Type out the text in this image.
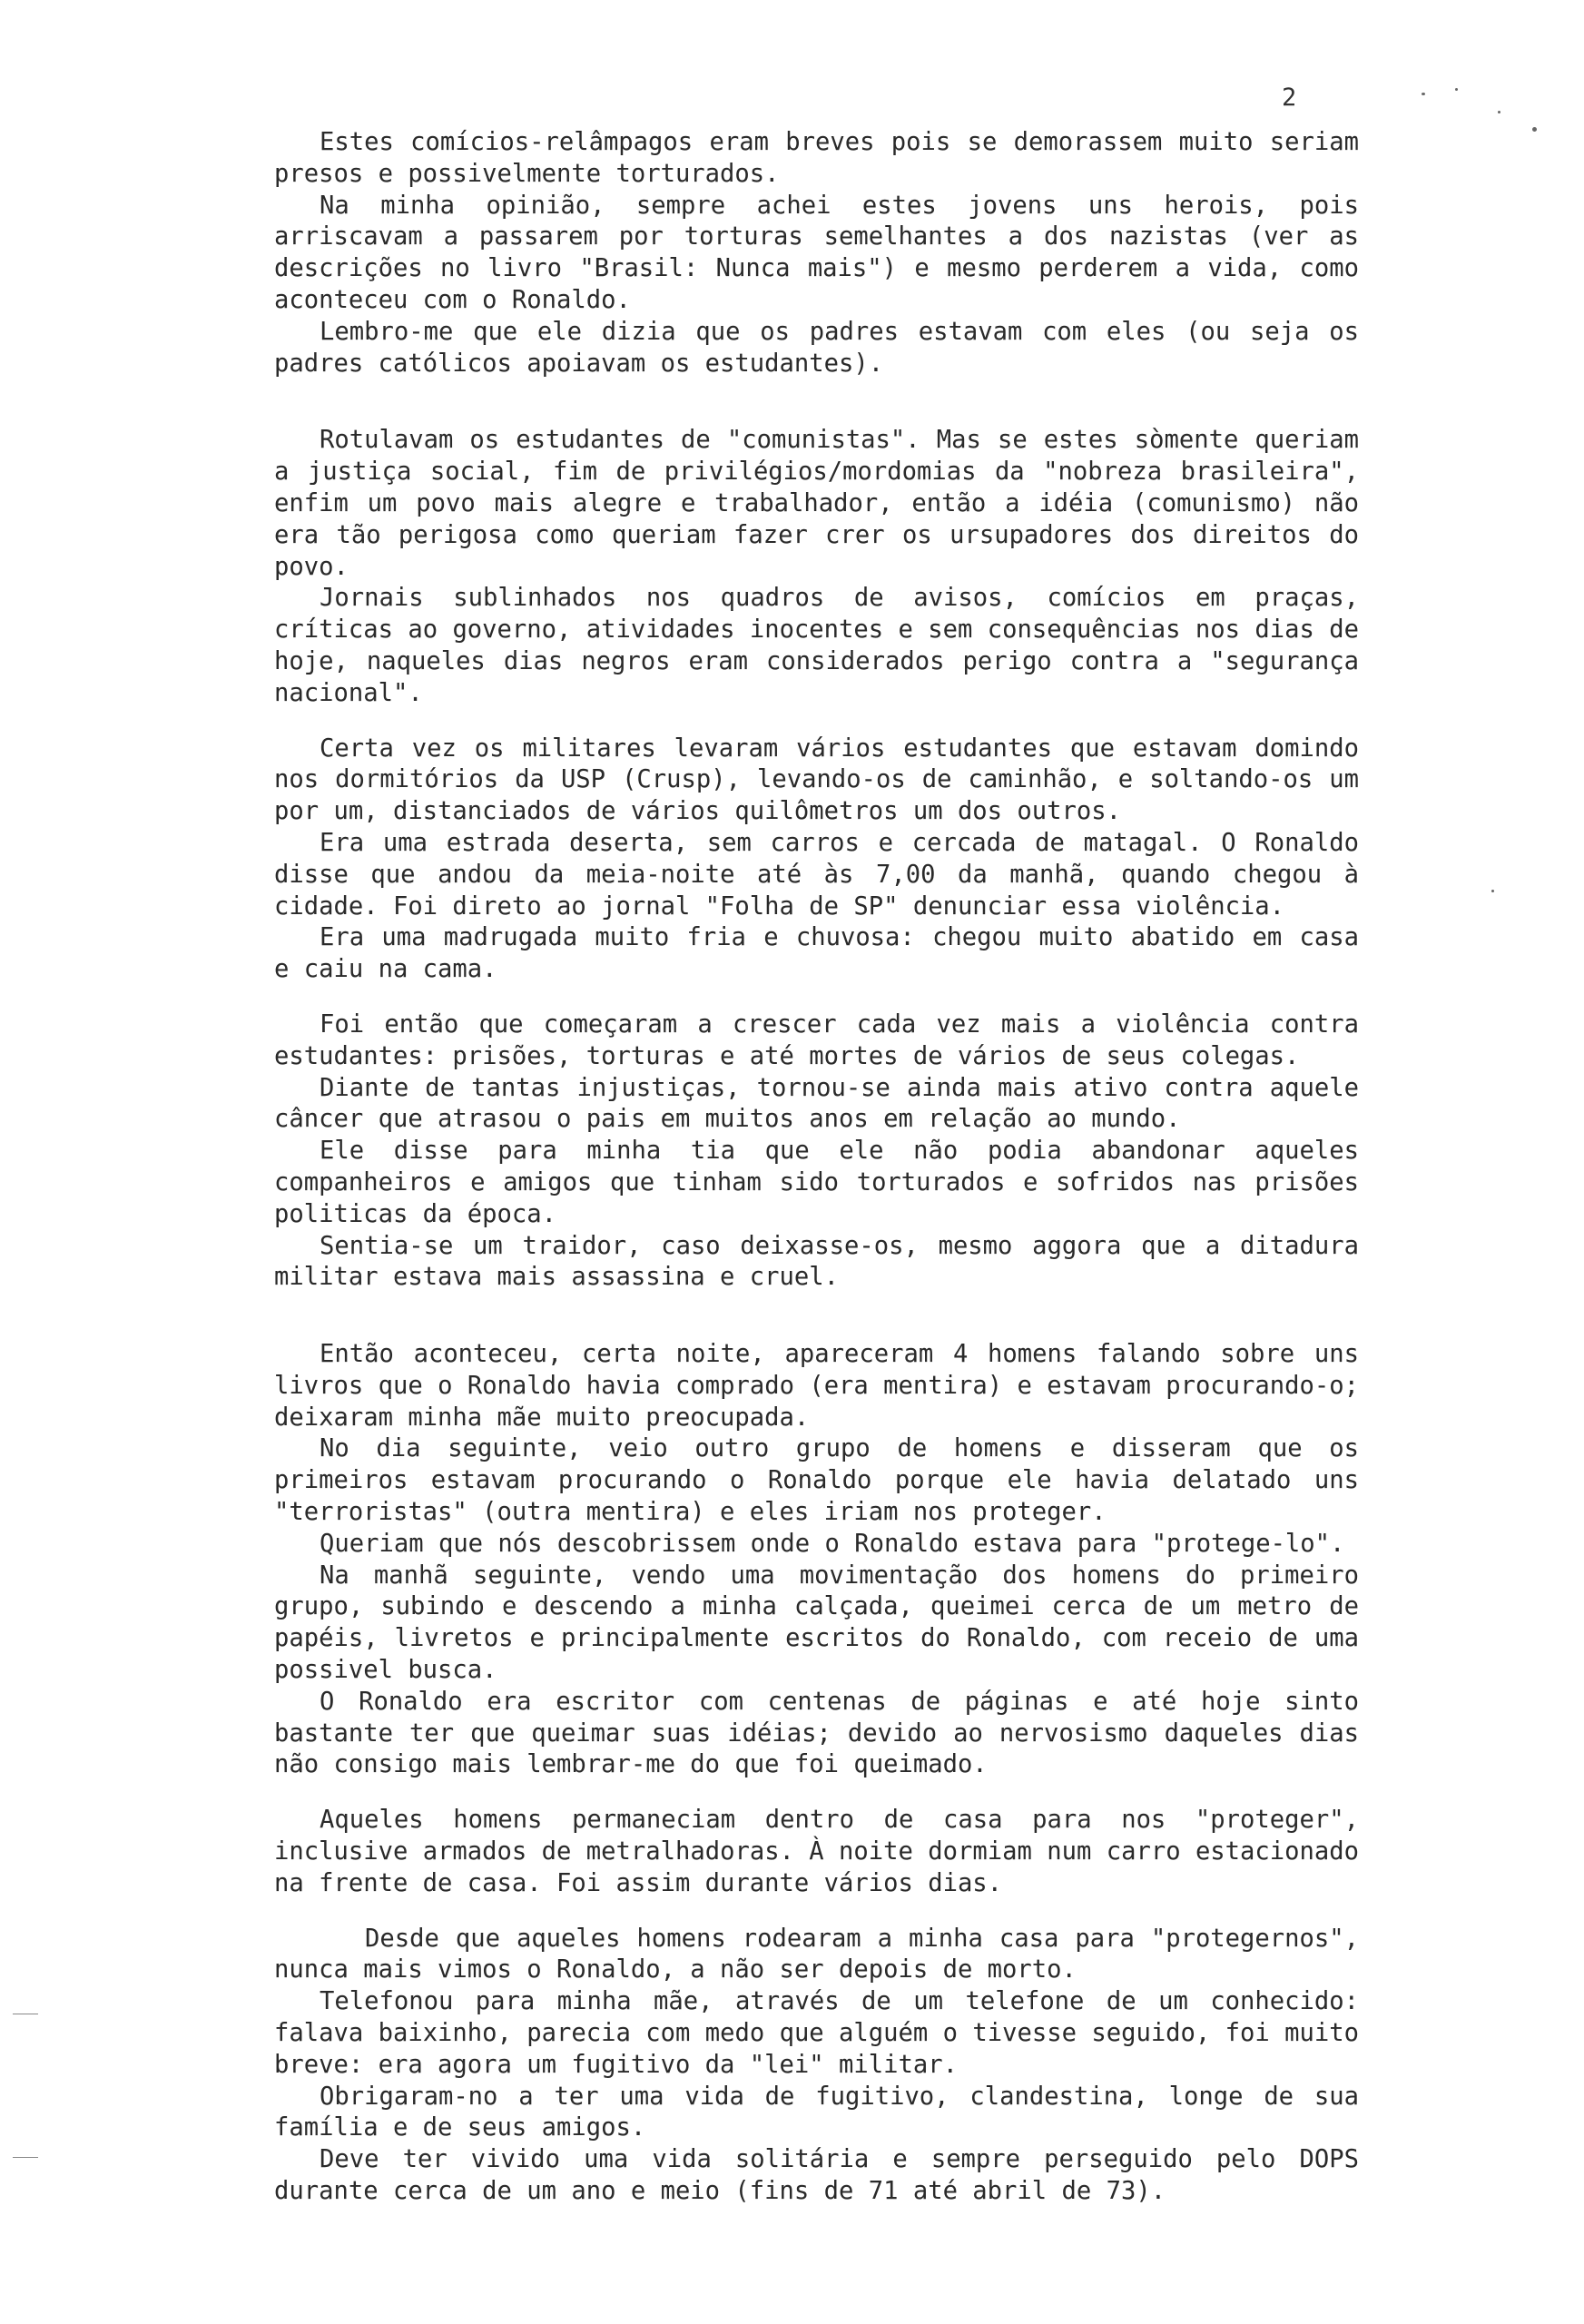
2

Estes comícios-relâmpagos eram breves pois se demorassem muito seriam presos e possivelmente torturados.

Na minha opinião, sempre achei estes jovens uns herois, pois arriscavam a passarem por torturas semelhantes a dos nazistas (ver as descrições no livro "Brasil: Nunca mais") e mesmo perderem a vida, como aconteceu com o Ronaldo.

Lembro-me que ele dizia que os padres estavam com eles (ou seja os padres católicos apoiavam os estudantes).

Rotulavam os estudantes de "comunistas". Mas se estes sòmente queriam a justiça social, fim de privilégios/mordomias da "nobreza brasileira", enfim um povo mais alegre e trabalhador, então a idéia (comunismo) não era tão perigosa como queriam fazer crer os ursupadores dos direitos do povo.

Jornais sublinhados nos quadros de avisos, comícios em praças, críticas ao governo, atividades inocentes e sem consequências nos dias de hoje, naqueles dias negros eram considerados perigo contra a "segurança nacional".

Certa vez os militares levaram vários estudantes que estavam domindo nos dormitórios da USP (Crusp), levando-os de caminhão, e soltando-os um por um, distanciados de vários quilômetros um dos outros.

Era uma estrada deserta, sem carros e cercada de matagal. O Ronaldo disse que andou da meia-noite até às 7,00 da manhã, quando chegou à cidade. Foi direto ao jornal "Folha de SP" denunciar essa violência.

Era uma madrugada muito fria e chuvosa: chegou muito abatido em casa e caiu na cama.

Foi então que começaram a crescer cada vez mais a violência contra estudantes: prisões, torturas e até mortes de vários de seus colegas.

Diante de tantas injustiças, tornou-se ainda mais ativo contra aquele câncer que atrasou o pais em muitos anos em relação ao mundo.

Ele disse para minha tia que ele não podia abandonar aqueles companheiros e amigos que tinham sido torturados e sofridos nas prisões politicas da época.

Sentia-se um traidor, caso deixasse-os, mesmo aggora que a ditadura militar estava mais assassina e cruel.

Então aconteceu, certa noite, apareceram 4 homens falando sobre uns livros que o Ronaldo havia comprado (era mentira) e estavam procurando-o; deixaram minha mãe muito preocupada.

No dia seguinte, veio outro grupo de homens e disseram que os primeiros estavam procurando o Ronaldo porque ele havia delatado uns "terroristas" (outra mentira) e eles iriam nos proteger.

Queriam que nós descobrissem onde o Ronaldo estava para "protege-lo".

Na manhã seguinte, vendo uma movimentação dos homens do primeiro grupo, subindo e descendo a minha calçada, queimei cerca de um metro de papéis, livretos e principalmente escritos do Ronaldo, com receio de uma possivel busca.

O Ronaldo era escritor com centenas de páginas e até hoje sinto bastante ter que queimar suas idéias; devido ao nervosismo daqueles dias não consigo mais lembrar-me do que foi queimado.

Aqueles homens permaneciam dentro de casa para nos "proteger", inclusive armados de metralhadoras. À noite dormiam num carro estacionado na frente de casa. Foi assim durante vários dias.

Desde que aqueles homens rodearam a minha casa para "protegernos", nunca mais vimos o Ronaldo, a não ser depois de morto.

Telefonou para minha mãe, através de um telefone de um conhecido: falava baixinho, parecia com medo que alguém o tivesse seguido, foi muito breve: era agora um fugitivo da "lei" militar.

Obrigaram-no a ter uma vida de fugitivo, clandestina, longe de sua família e de seus amigos.

Deve ter vivido uma vida solitária e sempre perseguido pelo DOPS durante cerca de um ano e meio (fins de 71 até abril de 73).
